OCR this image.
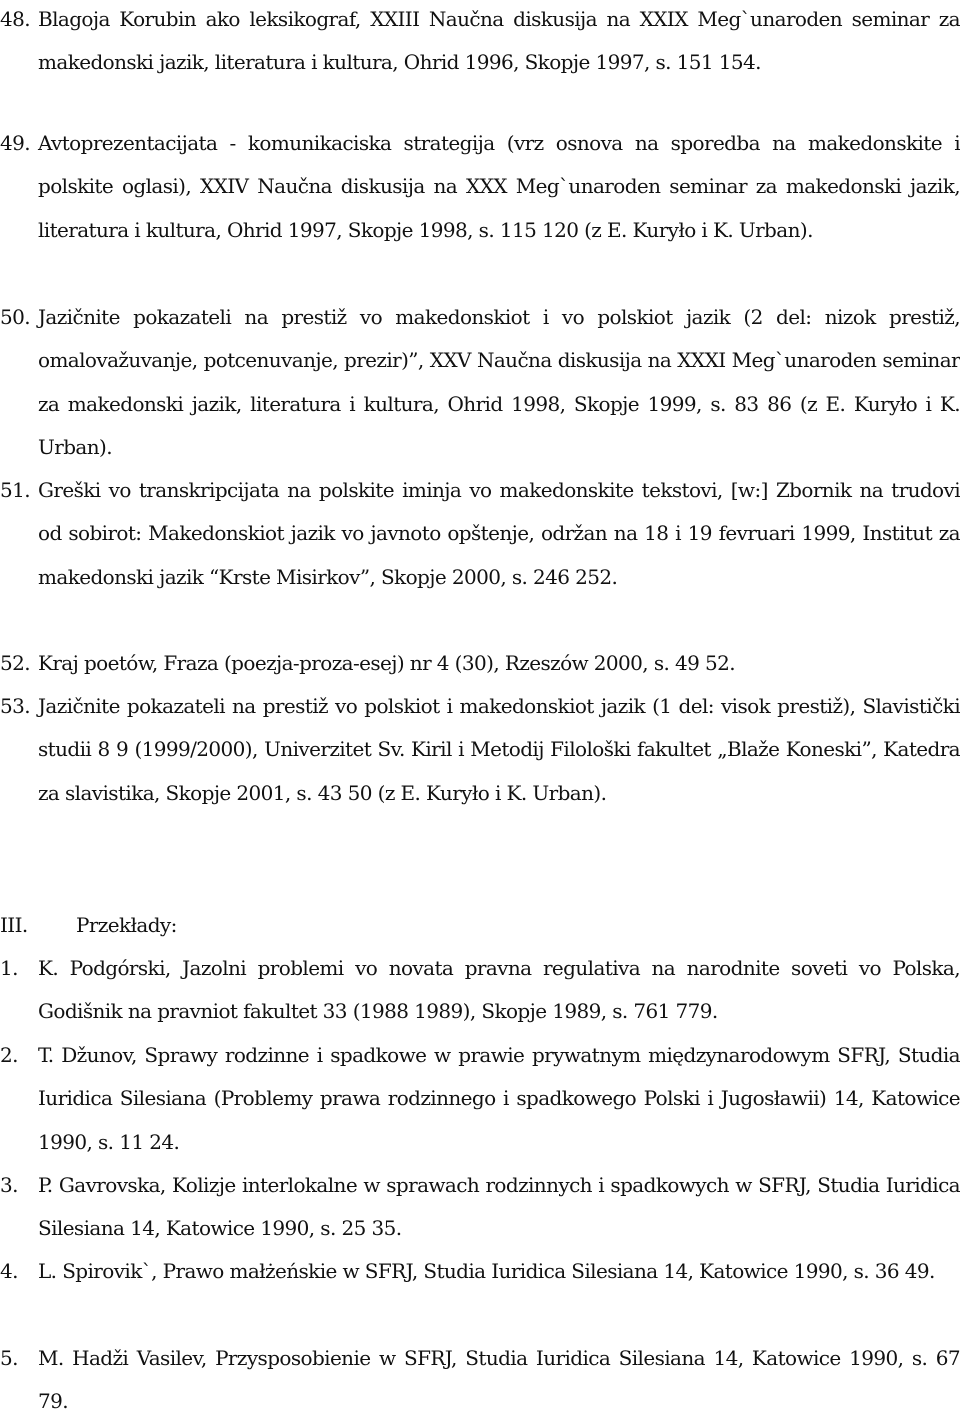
48. Blagoja Korubin ako leksikograf, XXIII Naučna diskusija na XXIX Meg`unaroden seminar za makedonski jazik, literatura i kultura, Ohrid 1996, Skopje 1997, s. 151 154.
49. Avtoprezentacijata - komunikaciska strategija (vrz osnova na sporedba na makedonskite i polskite oglasi), XXIV Naučna diskusija na XXX Meg`unaroden seminar za makedonski jazik, literatura i kultura, Ohrid 1997, Skopje 1998, s. 115 120 (z E. Kuryło i K. Urban).
50. Jazičnite pokazateli na prestiž vo makedonskiot i vo polskiot jazik (2 del: nizok prestiž, omalovažuvanje, potcenuvanje, prezir)”, XXV Naučna diskusija na XXXI Meg`unaroden seminar za makedonski jazik, literatura i kultura, Ohrid 1998, Skopje 1999, s. 83 86 (z E. Kuryło i K. Urban).
51. Greški vo transkripcijata na polskite iminja vo makedonskite tekstovi, [w:] Zbornik na trudovi od sobirot: Makedonskiot jazik vo javnoto opštenje, održan na 18 i 19 fevruari 1999, Institut za makedonski jazik “Krste Misirkov”, Skopje 2000, s. 246 252.
52. Kraj poetów, Fraza (poezja-proza-esej) nr 4 (30), Rzeszów 2000, s. 49 52.
53. Jazičnite pokazateli na prestiž vo polskiot i makedonskiot jazik (1 del: visok prestiž), Slavistički studii 8 9 (1999/2000), Univerzitet Sv. Kiril i Metodij Filološki fakultet „Blaže Koneski”, Katedra za slavistika, Skopje 2001, s. 43 50 (z E. Kuryło i K. Urban).
III. Przekłady:
1.	K. Podgórski, Jazolni problemi vo novata pravna regulativa na narodnite soveti vo Polska, Godišnik na pravniot fakultet 33 (1988 1989), Skopje 1989, s. 761 779.
2.	T. Džunov, Sprawy rodzinne i spadkowe w prawie prywatnym międzynarodowym SFRJ, Studia Iuridica Silesiana (Problemy prawa rodzinnego i spadkowego Polski i Jugosławii) 14, Katowice 1990, s. 11 24.
3.	P. Gavrovska, Kolizje interlokalne w sprawach rodzinnych i spadkowych w SFRJ, Studia Iuridica Silesiana 14, Katowice 1990, s. 25 35.
4.	L. Spirovik`, Prawo małżeńskie w SFRJ, Studia Iuridica Silesiana 14, Katowice 1990, s. 36 49.
5.	M. Hadži Vasilev, Przysposobienie w SFRJ, Studia Iuridica Silesiana 14, Katowice 1990, s. 67 79.
